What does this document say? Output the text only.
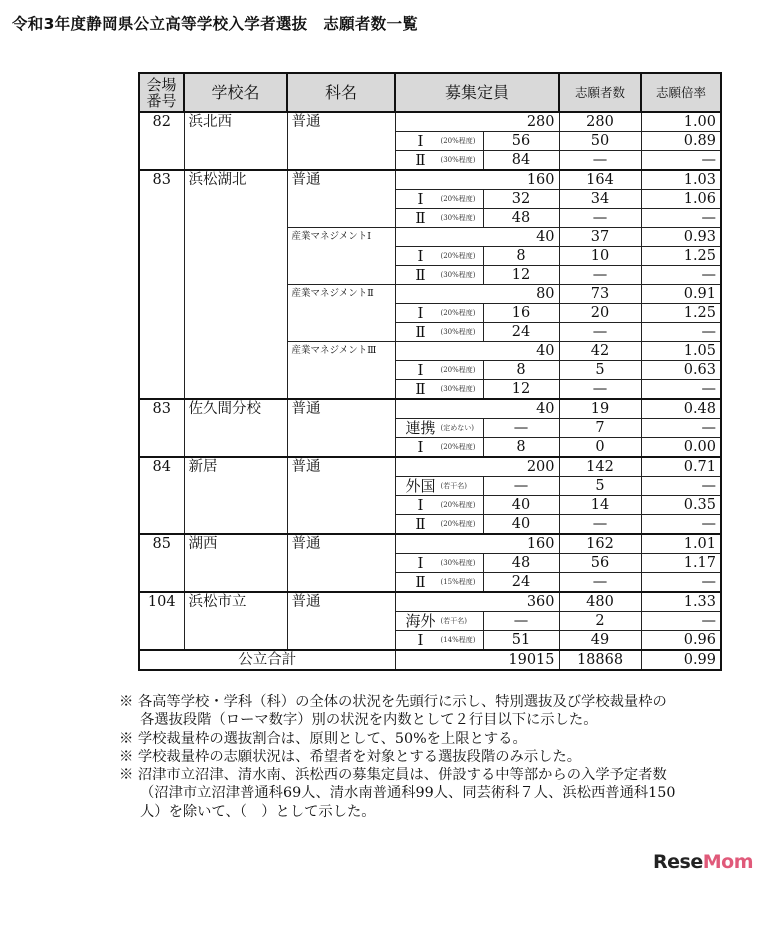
令和3年度静岡県公立高等学校入学者選抜　志願者数一覧
会場番号	学校名	科名	募集定員		志願者数	志願倍率
82	浜北西	普通	280		280	1.00
			Ⅰ $^{(20\%程度)}$	56	50	0.89
			Ⅱ $^{(30\%程度)}$	84	—	—
83	浜松湖北	普通	160		164	1.03
			Ⅰ $^{(20\%程度)}$	32	34	1.06
			Ⅱ $^{(30\%程度)}$	48	—	—
		産業マネジメントⅠ	40		37	0.93
			Ⅰ $^{(20\%程度)}$	8	10	1.25
			Ⅱ $^{(30\%程度)}$	12	—	—
		産業マネジメントⅡ	80		73	0.91
			Ⅰ $^{(20\%程度)}$	16	20	1.25
			Ⅱ $^{(30\%程度)}$	24	—	—
		産業マネジメントⅢ	40		42	1.05
			Ⅰ $^{(20\%程度)}$	8	5	0.63
			Ⅱ $^{(30\%程度)}$	12	—	—
83	佐久間分校	普通	40		19	0.48
			連携 $^{(定めない)}$	—	7	—
			Ⅰ $^{(20\%程度)}$	8	0	0.00
84	新居	普通	200		142	0.71
			外国 $^{(若干名)}$	—	5	—
			Ⅰ $^{(20\%程度)}$	40	14	0.35
			Ⅱ $^{(20\%程度)}$	40	—	—
85	湖西	普通	160		162	1.01
			Ⅰ $^{(30\%程度)}$	48	56	1.17
			Ⅱ $^{(15\%程度)}$	24	—	—
104	浜松市立	普通	360		480	1.33
			海外 $^{(若干名)}$	—	2	—
			Ⅰ $^{(14\%程度)}$	51	49	0.96
公立合計			19015		18868	0.99
※ 各高等学校・学科（科）の全体の状況を先頭行に示し、特別選抜及び学校裁量枠の各選抜段階（ローマ数字）別の状況を内数として２行目以下に示した。
※ 学校裁量枠の選抜割合は、原則として、50%を上限とする。
※ 学校裁量枠の志願状況は、希望者を対象とする選抜段階のみ示した。
※ 沼津市立沼津、清水南、浜松西の募集定員は、併設する中等部からの入学予定者数（沼津市立沼津普通科69人、清水南普通科99人、同芸術科７人、浜松西普通科150人）を除いて、（　）として示した。
ReseMom
